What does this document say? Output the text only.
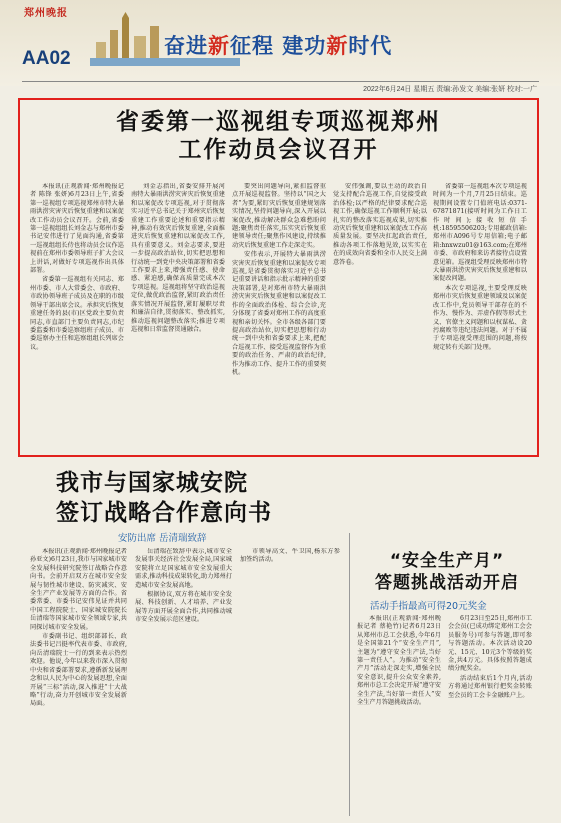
郑州晚报
AA02
奋进新征程 建功新时代
2022年6月24日 星期五 责编:孙发文 美编:张妍 校对:一广
省委第一巡视组专项巡视郑州
工作动员会议召开

本报讯(正观新闻·郑州晚报记者 陈锋 张妍)6月23日上午,省委第一巡视组专项巡视郑州市特大暴雨洪涝灾害灾后恢复重建和以案促改工作动员会议召开。会前,省委第一巡视组组长刘金志与郑州市委书记安伟进行了见面沟通,省委第一巡视组组长侍也将动员会议作巡视前在郑州市委领导班子扩大会议上讲话,对做好专项巡视作出具体部署。

省委第一巡视组有关同志、郑州市委、市人大常委会、市政府、市政协领导班子成员及在职的市级领导干部出席会议。承担灾后恢复重建任务的县(市)区党政主要负责同志,市直部门主要负责同志,市纪委监委和市委巡察组班子成员、市委巡察办主任和巡察组组长列席会议。

刘金志指出,省委安排开展河南特大暴雨洪涝灾害灾后恢复重建和以案促改专项巡视,对于贯彻落实习近平总书记关于郑州灾后恢复重建工作重要论述和重要指示精神,推动有效灾后恢复重建,全面推进灾后恢复重建和以案促改工作,具有重要意义。刘金志要求,要进一步提高政治站位,切实把思想和行动统一到党中央决策部署和省委工作要求上来,增强责任感、使命感、紧迫感,确保高质量完成本次专项巡视。巡视组将坚守政治巡视定位,做优政治监督,紧盯政治责任落实情况开展监督,紧盯履职尽责和廉洁自律,贯彻落实、整改抓实,推动巡视问题整改落实;推进专项巡视和日常监督贯通融合。

要突出问题导向,紧扣监督重点开展巡视监督。坚持以“国之大者”为要,紧盯灾后恢复重建规划落实情况,坚持问题导向,深入开展以案促改,推动解决群众急难愁盼问题;聚焦责任落实,压实灾后恢复重建领导责任;聚焦作风建设,持续推动灾后恢复重建工作走深走实。

安伟表示,开展特大暴雨洪涝灾害灾后恢复重建和以案促改专项巡视,是省委贯彻落实习近平总书记重要讲话和指示批示精神的重要决策部署,是对郑州市特大暴雨洪涝灾害灾后恢复重建和以案促改工作的全面政治体检、综合会诊,充分体现了省委对郑州工作的高度重视和亲切关怀。全市各级各部门要提高政治站位,切实把思想和行动统一到中央和省委要求上来,把配合巡视工作、接受巡视监督作为重要的政治任务、严肃的政治纪律,作为推动工作、提升工作的重要契机。

安伟强调,要以主动的政治自觉支持配合巡视工作,自觉接受政治体检;以严格的纪律要求配合巡视工作,确保巡视工作顺利开展;以扎实的整改落实巡视成果,切实推动灾后恢复重建和以案促改工作高质量发展。要坚决扛起政治责任,推动各项工作落地见效,以实实在在的成效向省委和全市人民交上满意答卷。

省委第一巡视组本次专项巡视时间为一个月,7月25日结束。巡视期间设置专门值班电话:0371-67871871(接听时间为工作日工作时间);接收短信手机:18595506203;专用邮政信箱:郑州市A096号专用信箱;电子邮箱:hnxwzu01@163.com;在郑州市委、市政府和来访者接待点设置意见箱。巡视组受理反映郑州市特大暴雨洪涝灾害灾后恢复重建和以案促改问题。

本次专项巡视,主要受理反映郑州市灾后恢复重建领域及以案促改工作中,党员领导干部存在的不作为、慢作为、弄虚作假等形式主义、官僚主义问题和以权谋私、贪污腐败等违纪违法问题。对于不属于专项巡视受理范围的问题,将按规定转有关部门处理。

我市与国家城安院
签订战略合作意向书
安防出席 岳清瑞致辞

本报讯(正观新闻·郑州晚报记者 孙亚文)6月23日,我市与国家城市安全发展科技研究院签订战略合作意向书。会前开启双方在城市安全发展与韧性城市建设、防灾减灾、安全生产产业发展等方面的合作。省委常委、市委书记安伟见证并共同中国工程院院士、国家城安院院长岳清瑞等国家城市安全领域专家,共同探讨城市安全发展。

市委副书记、组织部部长、政法委书记吕挺率代表市委、市政府,向岳清瑞院士一行的到来表示热烈欢迎。他说,今年以来我市深入贯彻中央和省委部署要求,遵循新发展理念和以人民为中心的发展思想,全面开展“三标”活动,深入推进“十大战略”行动,奋力开创城市安全发展新局面。

岳清瑞在致辞中表示,城市安全发展事关经济社会发展全局,国家城安院将立足国家城市安全发展重大需求,推动科技成果转化,助力郑州打造城市安全发展高地。

根据协议,双方将在城市安全发展、科技创新、人才培养、产业发展等方面开展全面合作,共同推动城市安全发展示范区建设。

市领导高文、牛卫国,杨东方参加签约活动。	“安全生产月”
答题挑战活动开启
活动手指最高可得20元奖金

本报讯(正观新闻·郑州晚报记者 蔡艳竹)记者6月23日从郑州市总工会获悉,今年6月是全国第21个“安全生产月”,主题为“遵守安全生产法,当好第一责任人”。为推动“安全生产月”活动走深走实,增强全民安全意识,提升公众安全素养,郑州市总工会决定开展“遵守安全生产法,当好第一责任人”安全生产月答题挑战活动。

6月23日至25日,郑州市工会会员(已成功绑定郑州工会会员服务号)可参与答题,即可参与答题活动。本次活动设20元、15元、10元3个等级的奖金,共4万元。具体按照答题成绩分配奖金。

活动结束后1个月内,活动方将通过郑州银行把奖金转账至会员的工会卡金融账户上。
